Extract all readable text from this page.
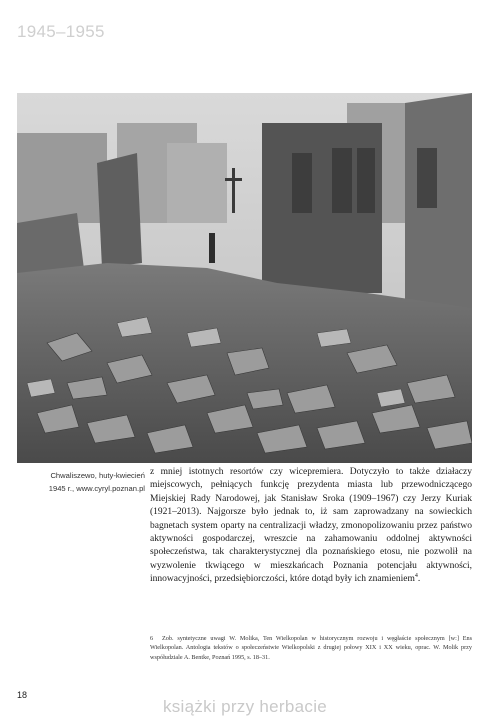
1945–1955
Chwaliszewo, huty-kwiecień
1945 r., www.cyryl.poznan.pl

z mniej istotnych resortów czy wicepremiera. Dotyczyło to także działaczy miejscowych, pełniących funkcję prezydenta miasta lub przewodniczącego Miejskiej Rady Narodowej, jak Stanisław Sroka (1909–1967) czy Jerzy Kuriak (1921–2013). Najgorsze było jednak to, iż sam zaprowadzany na sowieckich bagnetach system oparty na centralizacji władzy, zmonopolizowaniu przez państwo aktywności gospodarczej, wreszcie na zahamowaniu oddolnej aktywności społeczeństwa, tak charakterystycznej dla poznańskiego etosu, nie pozwolił na wyzwolenie tkwiącego w mieszkańcach Poznania potencjału aktywności, innowacyjności, przedsiębiorczości, które dotąd były ich znamieniem$^4$.

6 Zob. syntetyczne uwagi W. Molika, Ten Wielkopolan w historycznym rozwoju i węgłaście społecznym [w:] Ens Wielkopolan. Antologia tekstów o społeczeństwie Wielkopolski z drugiej połowy XIX i XX wieku, oprac. W. Molik przy współudziale A. Bentke, Poznań 1995, s. 18–31.
18
książki przy herbacie
